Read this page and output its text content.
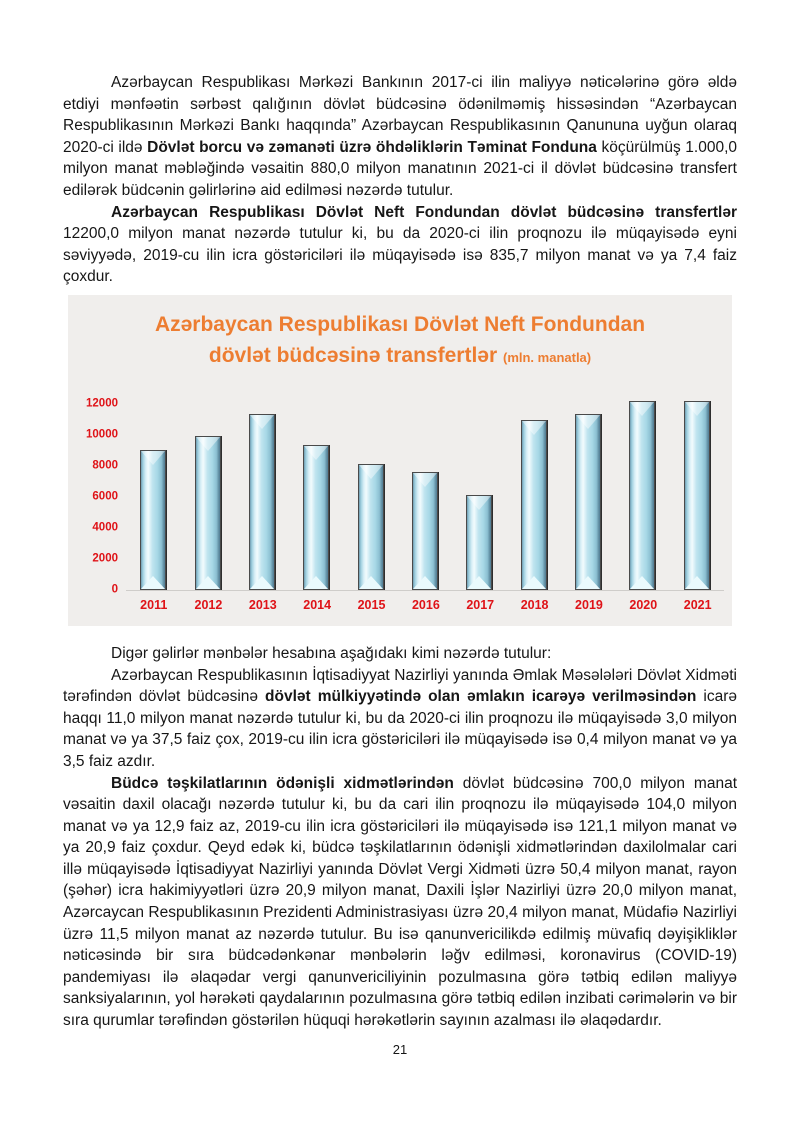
Azərbaycan Respublikası Mərkəzi Bankının 2017-ci ilin maliyyə nəticələrinə görə əldə etdiyi mənfəətin sərbəst qalığının dövlət büdcəsinə ödənilməmiş hissəsindən “Azərbaycan Respublikasının Mərkəzi Bankı haqqında” Azərbaycan Respublikasının Qanununa uyğun olaraq 2020-ci ildə Dövlət borcu və zəmanəti üzrə öhdəliklərin Təminat Fonduna köçürülmüş 1.000,0 milyon manat məbləğində vəsaitin 880,0 milyon manatının 2021-ci il dövlət büdcəsinə transfert edilərək büdcənin gəlirlərinə aid edilməsi nəzərdə tutulur.

Azərbaycan Respublikası Dövlət Neft Fondundan dövlət büdcəsinə transfertlər 12200,0 milyon manat nəzərdə tutulur ki, bu da 2020-ci ilin proqnozu ilə müqayisədə eyni səviyyədə, 2019-cu ilin icra göstəriciləri ilə müqayisədə isə 835,7 milyon manat və ya 7,4 faiz çoxdur.

Azərbaycan Respublikası Dövlət Neft Fondundan
dövlət büdcəsinə transfertlər (mln. manatla)
0
2000
4000
6000
8000
10000
12000
2011 2012 2013 2014 2015 2016 2017 2018 2019 2020 2021

Digər gəlirlər mənbələr hesabına aşağıdakı kimi nəzərdə tutulur:

Azərbaycan Respublikasının İqtisadiyyat Nazirliyi yanında Əmlak Məsələləri Dövlət Xidməti tərəfindən dövlət büdcəsinə dövlət mülkiyyətində olan əmlakın icarəyə verilməsindən icarə haqqı 11,0 milyon manat nəzərdə tutulur ki, bu da 2020-ci ilin proqnozu ilə müqayisədə 3,0 milyon manat və ya 37,5 faiz çox, 2019-cu ilin icra göstəriciləri ilə müqayisədə isə 0,4 milyon manat və ya 3,5 faiz azdır.

Büdcə təşkilatlarının ödənişli xidmətlərindən dövlət büdcəsinə 700,0 milyon manat vəsaitin daxil olacağı nəzərdə tutulur ki, bu da cari ilin proqnozu ilə müqayisədə 104,0 milyon manat və ya 12,9 faiz az, 2019-cu ilin icra göstəriciləri ilə müqayisədə isə 121,1 milyon manat və ya 20,9 faiz çoxdur. Qeyd edək ki, büdcə təşkilatlarının ödənişli xidmətlərindən daxilolmalar cari illə müqayisədə İqtisadiyyat Nazirliyi yanında Dövlət Vergi Xidməti üzrə 50,4 milyon manat, rayon (şəhər) icra hakimiyyətləri üzrə 20,9 milyon manat, Daxili İşlər Nazirliyi üzrə 20,0 milyon manat, Azərcaycan Respublikasının Prezidenti Administrasiyası üzrə 20,4 milyon manat, Müdafiə Nazirliyi üzrə 11,5 milyon manat az nəzərdə tutulur. Bu isə qanunvericilikdə edilmiş müvafiq dəyişikliklər nəticəsində bir sıra büdcədənkənar mənbələrin ləğv edilməsi, koronavirus (COVID-19) pandemiyası ilə əlaqədar vergi qanunvericiliyinin pozulmasına görə tətbiq edilən maliyyə sanksiyalarının, yol hərəkəti qaydalarının pozulmasına görə tətbiq edilən inzibati cərimələrin və bir sıra qurumlar tərəfindən göstərilən hüquqi hərəkətlərin sayının azalması ilə əlaqədardır.

21
